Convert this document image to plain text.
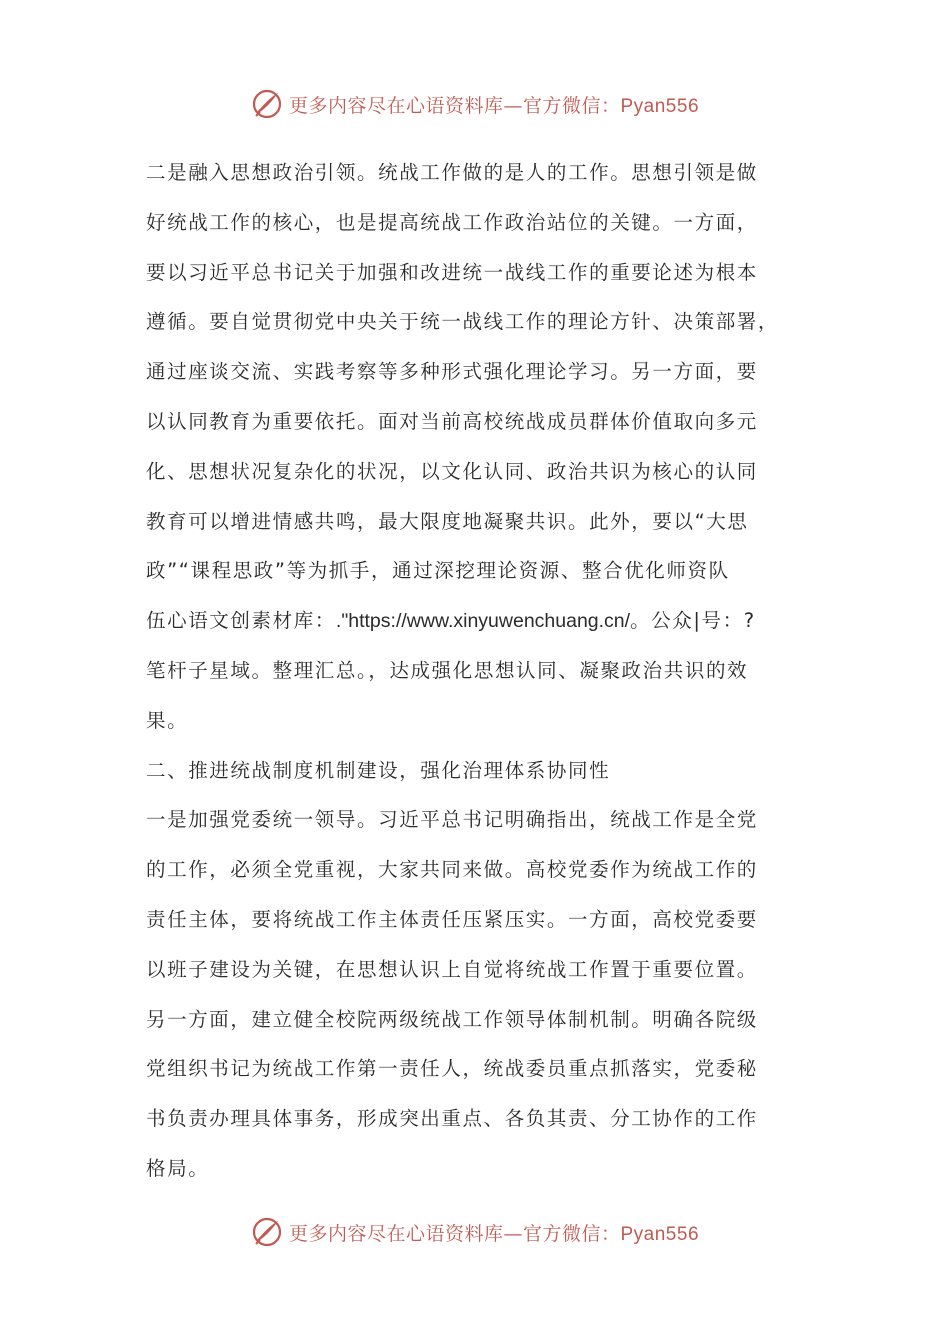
更多内容尽在心语资料库—官方微信：Pyan556
二是融入思想政治引领。统战工作做的是人的工作。思想引领是做
好统战工作的核心，也是提高统战工作政治站位的关键。一方面，
要以习近平总书记关于加强和改进统一战线工作的重要论述为根本
遵循。要自觉贯彻党中央关于统一战线工作的理论方针、决策部署，
通过座谈交流、实践考察等多种形式强化理论学习。另一方面，要
以认同教育为重要依托。面对当前高校统战成员群体价值取向多元
化、思想状况复杂化的状况，以文化认同、政治共识为核心的认同
教育可以增进情感共鸣，最大限度地凝聚共识。此外，要以“大思
政”“课程思政”等为抓手，通过深挖理论资源、整合优化师资队
伍心语文创素材库：."https://www.xinyuwenchuang.cn/。公众|号：?
笔杆子星域。整理汇总。，达成强化思想认同、凝聚政治共识的效
果。
二、推进统战制度机制建设，强化治理体系协同性
一是加强党委统一领导。习近平总书记明确指出，统战工作是全党
的工作，必须全党重视，大家共同来做。高校党委作为统战工作的
责任主体，要将统战工作主体责任压紧压实。一方面，高校党委要
以班子建设为关键，在思想认识上自觉将统战工作置于重要位置。
另一方面，建立健全校院两级统战工作领导体制机制。明确各院级
党组织书记为统战工作第一责任人，统战委员重点抓落实，党委秘
书负责办理具体事务，形成突出重点、各负其责、分工协作的工作
格局。
更多内容尽在心语资料库—官方微信：Pyan556
